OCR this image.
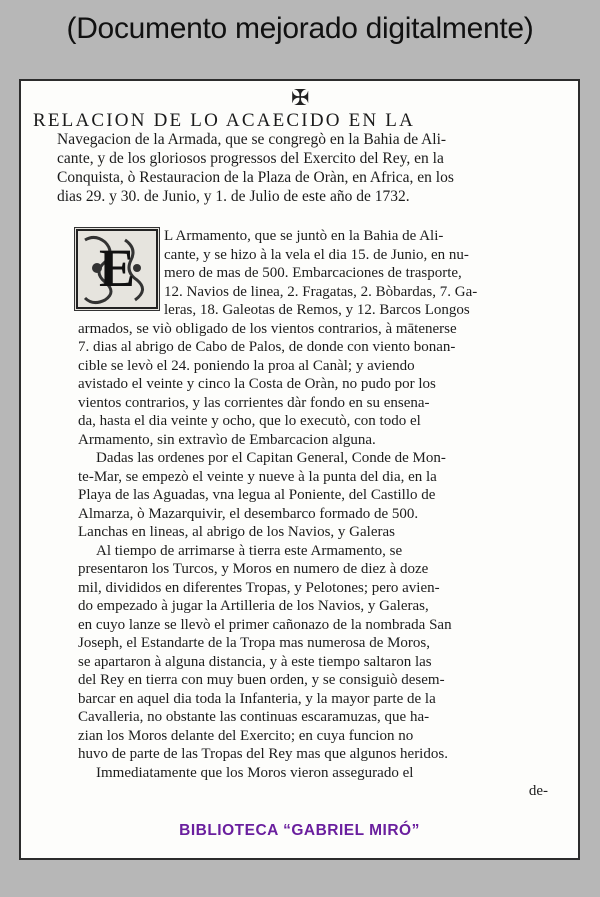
(Documento mejorado digitalmente)
✠
RELACION DE LO ACAECIDO EN LA
Navegacion de la Armada, que se congregò en la Bahia de Ali-
cante, y de los gloriosos progressos del Exercito del Rey, en la
Conquista, ò Restauracion de la Plaza de Oràn, en Africa, en los
dias 29. y 30. de Junio, y 1. de Julio de este año de 1732.
E
L Armamento, que se juntò en la Bahia de Ali-
cante, y se hizo à la vela el dia 15. de Junio, en nu-
mero de mas de 500. Embarcaciones de trasporte,
12. Navios de linea, 2. Fragatas, 2. Bòbardas, 7. Ga-
leras, 18. Galeotas de Remos, y 12. Barcos Longos
armados, se viò obligado de los vientos contrarios, à mātenerse
7. dias al abrigo de Cabo de Palos, de donde con viento bonan-
cible se levò el 24. poniendo la proa al Canàl; y aviendo
avistado el veinte y cinco la Costa de Oràn, no pudo por los
vientos contrarios, y las corrientes dàr fondo en su ensena-
da, hasta el dia veinte y ocho, que lo executò, con todo el
Armamento, sin extravìo de Embarcacion alguna.
Dadas las ordenes por el Capitan General, Conde de Mon-
te-Mar, se empezò el veinte y nueve à la punta del dia, en la
Playa de las Aguadas, vna legua al Poniente, del Castillo de
Almarza, ò Mazarquivir, el desembarco formado de 500.
Lanchas en lineas, al abrigo de los Navios, y Galeras
Al tiempo de arrimarse à tierra este Armamento, se
presentaron los Turcos, y Moros en numero de diez à doze
mil, divididos en diferentes Tropas, y Pelotones; pero avien-
do empezado à jugar la Artilleria de los Navios, y Galeras,
en cuyo lanze se llevò el primer cañonazo de la nombrada San
Joseph, el Estandarte de la Tropa mas numerosa de Moros,
se apartaron à alguna distancia, y à este tiempo saltaron las
del Rey en tierra con muy buen orden, y se consiguiò desem-
barcar en aquel dia toda la Infanteria, y la mayor parte de la
Cavalleria, no obstante las continuas escaramuzas, que ha-
zian los Moros delante del Exercito; en cuya funcion no
huvo de parte de las Tropas del Rey mas que algunos heridos.
Immediatamente que los Moros vieron assegurado el
de-
BIBLIOTECA “GABRIEL MIRÓ”
